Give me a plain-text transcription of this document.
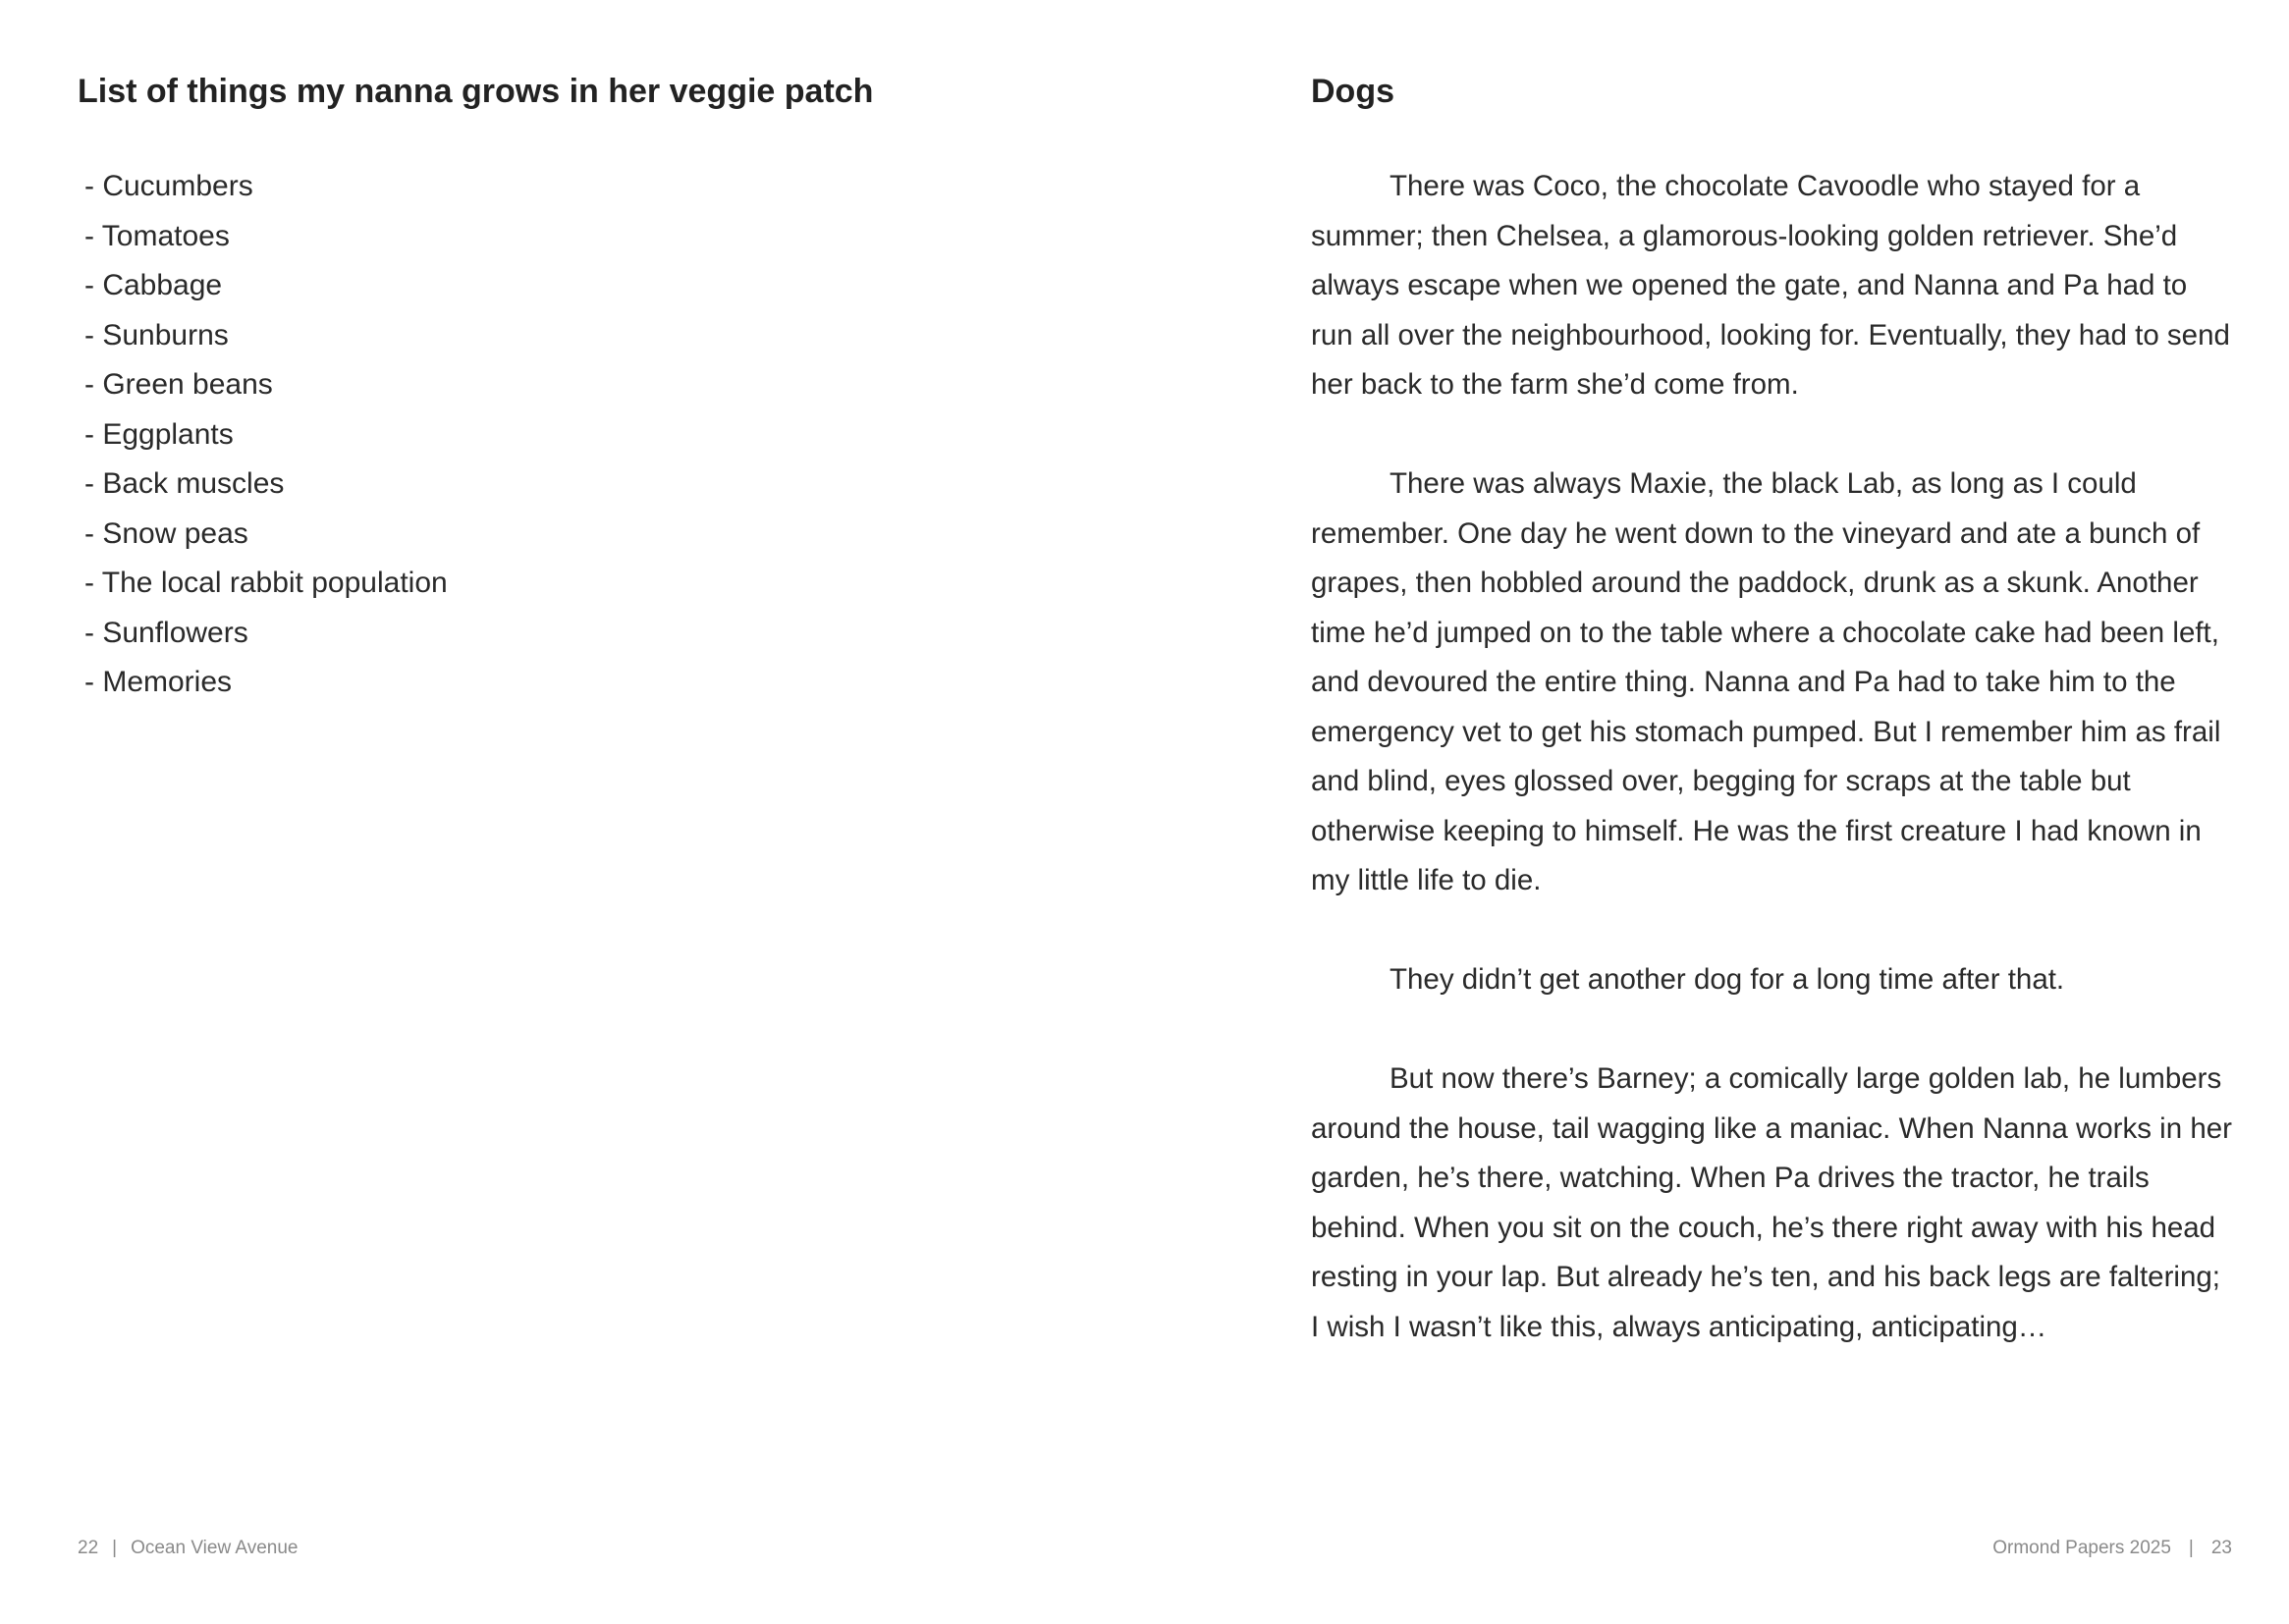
List of things my nanna grows in her veggie patch
- Cucumbers
- Tomatoes
- Cabbage
- Sunburns
- Green beans
- Eggplants
- Back muscles
- Snow peas
- The local rabbit population
- Sunflowers
- Memories
22 | Ocean View Avenue
Dogs

There was Coco, the chocolate Cavoodle who stayed for a summer; then Chelsea, a glamorous-looking golden retriever. She’d always escape when we opened the gate, and Nanna and Pa had to run all over the neighbourhood, looking for. Eventually, they had to send her back to the farm she’d come from.

There was always Maxie, the black Lab, as long as I could remember. One day he went down to the vineyard and ate a bunch of grapes, then hobbled around the paddock, drunk as a skunk. Another time he’d jumped on to the table where a chocolate cake had been left, and devoured the entire thing. Nanna and Pa had to take him to the emergency vet to get his stomach pumped. But I remember him as frail and blind, eyes glossed over, begging for scraps at the table but otherwise keeping to himself. He was the first creature I had known in my little life to die.

They didn’t get another dog for a long time after that.

But now there’s Barney; a comically large golden lab, he lumbers around the house, tail wagging like a maniac. When Nanna works in her garden, he’s there, watching. When Pa drives the tractor, he trails behind. When you sit on the couch, he’s there right away with his head resting in your lap. But already he’s ten, and his back legs are faltering; I wish I wasn’t like this, always anticipating, anticipating…

Ormond Papers 2025 | 23
